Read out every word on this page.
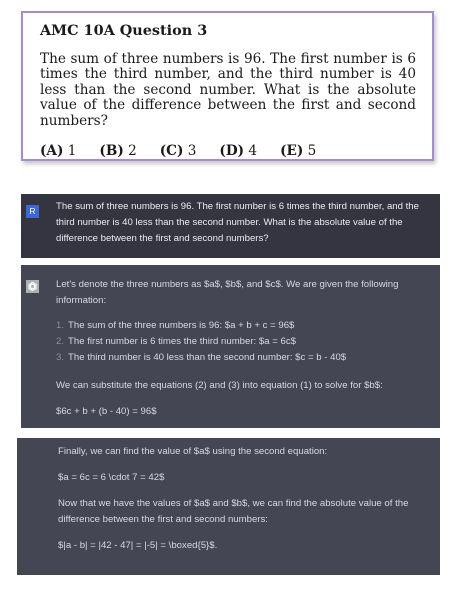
AMC 10A Question 3

The sum of three numbers is 96. The first number is 6 times the third number, and the third number is 40 less than the second number. What is the absolute value of the difference between the first and second numbers?

(A) 1 (B) 2 (C) 3 (D) 4 (E) 5
R	The sum of three numbers is 96. The first number is 6 times the third number, and the third number is 40 less than the second number. What is the absolute value of the difference between the first and second numbers?

Let's denote the three numbers as $a$, $b$, and $c$. We are given the following information:

1. The sum of the three numbers is 96: $a + b + c = 96$
2. The first number is 6 times the third number: $a = 6c$
3. The third number is 40 less than the second number: $c = b - 40$

We can substitute the equations (2) and (3) into equation (1) to solve for $b$:

$6c + b + (b - 40) = 96$

Finally, we can find the value of $a$ using the second equation:

$a = 6c = 6 \cdot 7 = 42$

Now that we have the values of $a$ and $b$, we can find the absolute value of the difference between the first and second numbers:

$|a - b| = |42 - 47| = |-5| = \boxed{5}$.
